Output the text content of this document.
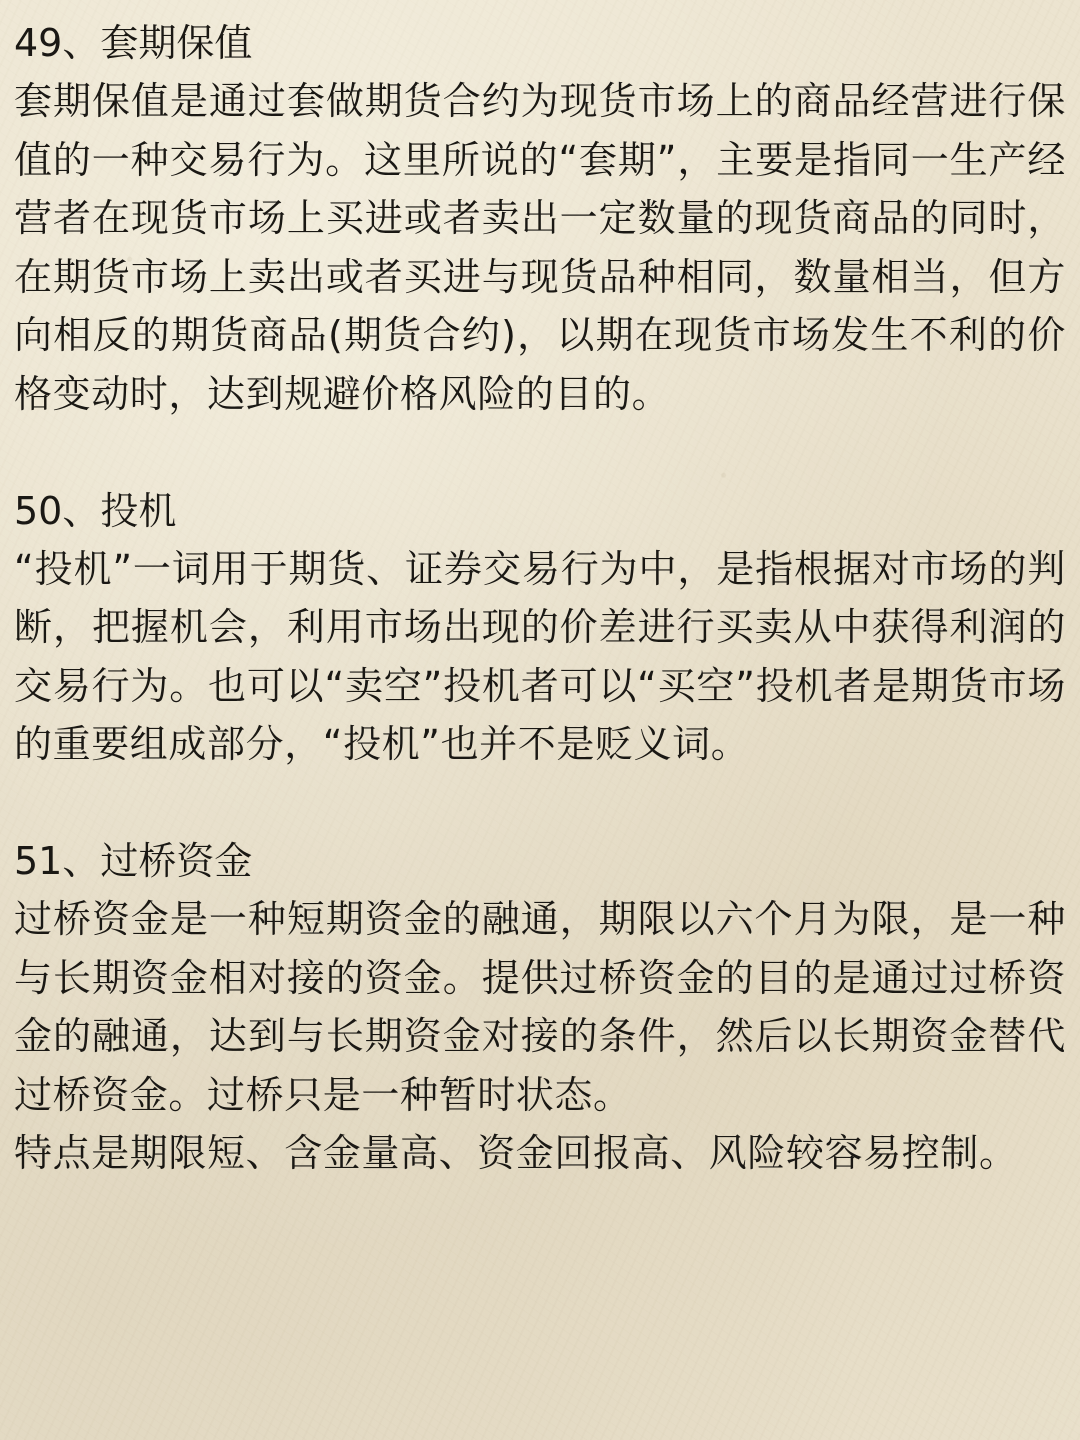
49、套期保值

套期保值是通过套做期货合约为现货市场上的商品经营进行保值的一种交易行为。这里所说的“套期”，主要是指同一生产经营者在现货市场上买进或者卖出一定数量的现货商品的同时，在期货市场上卖出或者买进与现货品种相同，数量相当，但方向相反的期货商品(期货合约)，以期在现货市场发生不利的价格变动时，达到规避价格风险的目的。

50、投机

“投机”一词用于期货、证券交易行为中，是指根据对市场的判断，把握机会，利用市场出现的价差进行买卖从中获得利润的交易行为。也可以“卖空”投机者可以“买空”投机者是期货市场的重要组成部分，“投机”也并不是贬义词。

51、过桥资金

过桥资金是一种短期资金的融通，期限以六个月为限，是一种与长期资金相对接的资金。提供过桥资金的目的是通过过桥资金的融通，达到与长期资金对接的条件，然后以长期资金替代过桥资金。过桥只是一种暂时状态。

特点是期限短、含金量高、资金回报高、风险较容易控制。
